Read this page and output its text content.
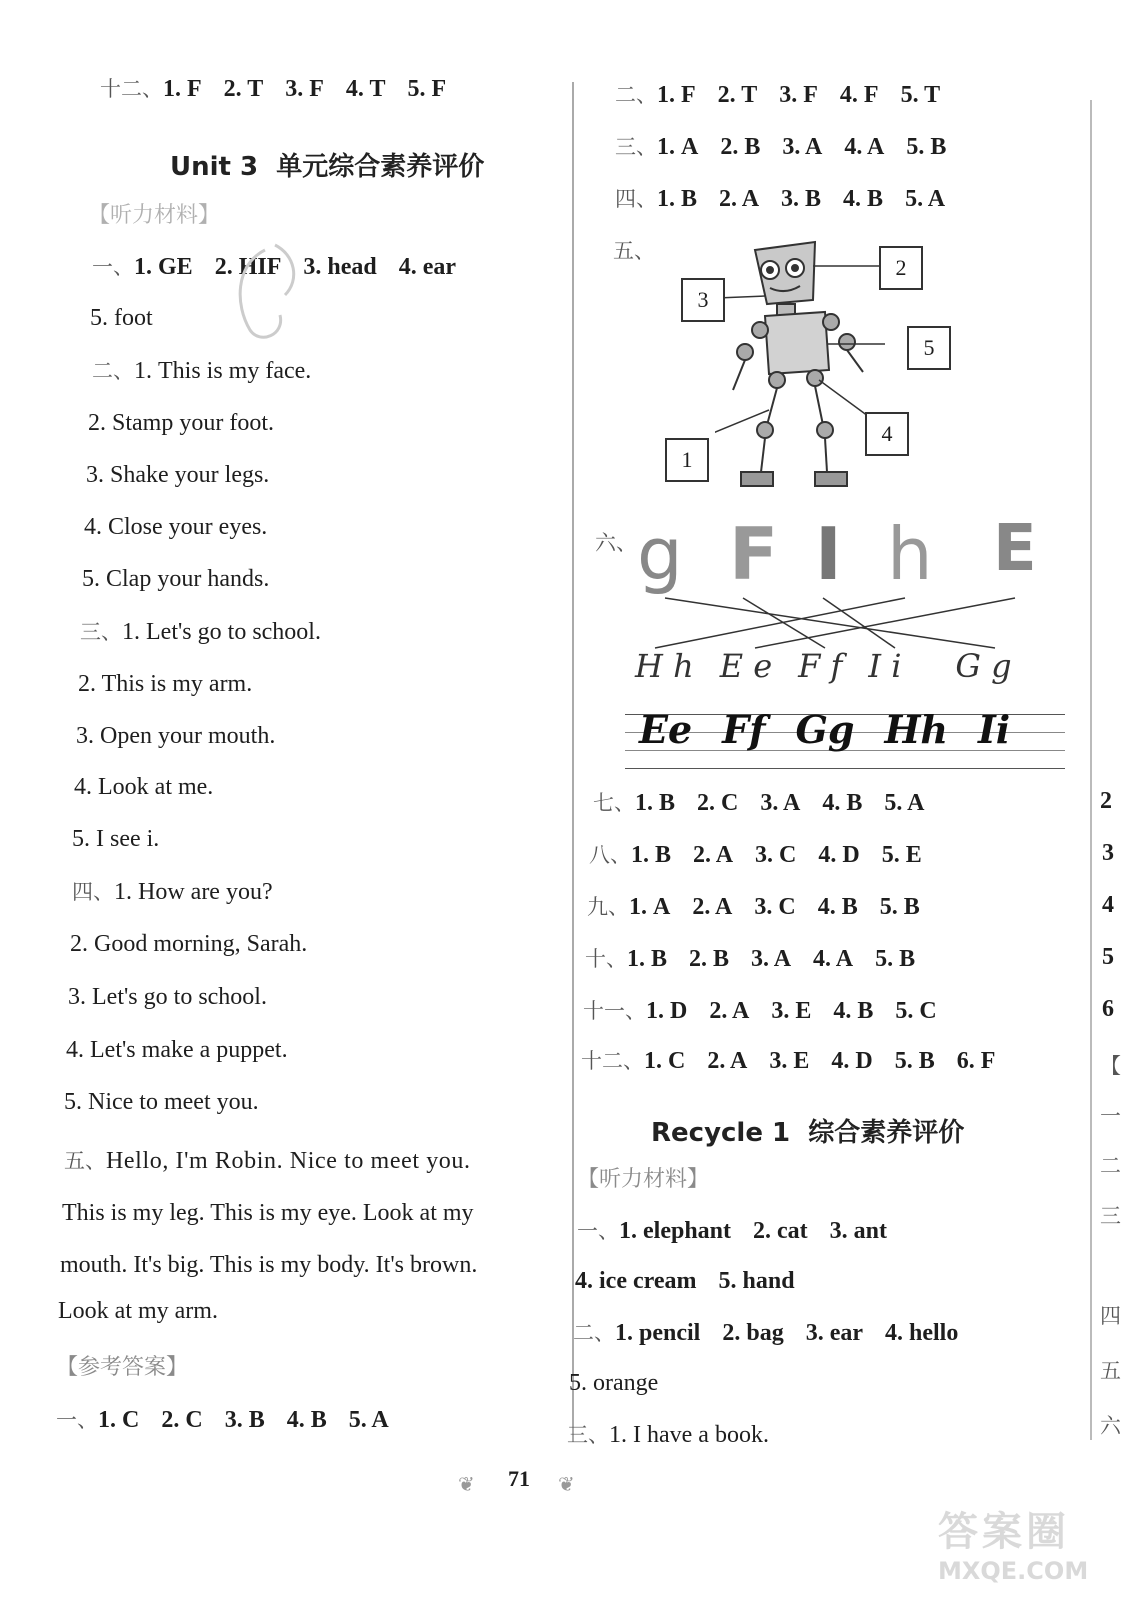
十二、1. F 2. T 3. F 4. T 5. F
Unit 3 单元综合素养评价
【听力材料】
一、1. GE 2. HIF 3. head 4. ear
5. foot
二、1. This is my face.
2. Stamp your foot.
3. Shake your legs.
4. Close your eyes.
5. Clap your hands.
三、1. Let's go to school.
2. This is my arm.
3. Open your mouth.
4. Look at me.
5. I see i.
四、1. How are you?
2. Good morning, Sarah.
3. Let's go to school.
4. Let's make a puppet.
5. Nice to meet you.
五、Hello, I'm Robin. Nice to meet you.
This is my leg. This is my eye. Look at my
mouth. It's big. This is my body. It's brown.
Look at my arm.
【参考答案】
一、1. C 2. C 3. B 4. B 5. A
二、1. F 2. T 3. F 4. F 5. T
三、1. A 2. B 3. A 4. A 5. B
四、1. B 2. A 3. B 4. B 5. A
五、
1
2
3
4
5
六、 g F I h E
H h E e F f I i G g
Ee Ff Gg Hh Ii
七、1. B 2. C 3. A 4. B 5. A
八、1. B 2. A 3. C 4. D 5. E
九、1. A 2. A 3. C 4. B 5. B
十、1. B 2. B 3. A 4. A 5. B
十一、1. D 2. A 3. E 4. B 5. C
十二、1. C 2. A 3. E 4. D 5. B 6. F
Recycle 1 综合素养评价
【听力材料】
一、1. elephant 2. cat 3. ant
4. ice cream 5. hand
二、1. pencil 2. bag 3. ear 4. hello
5. orange
三、1. I have a book.
2
3
4
5
6
【
一
二
三
四
五
六
❦ 71 ❦
答案圈
MXQE.COM
